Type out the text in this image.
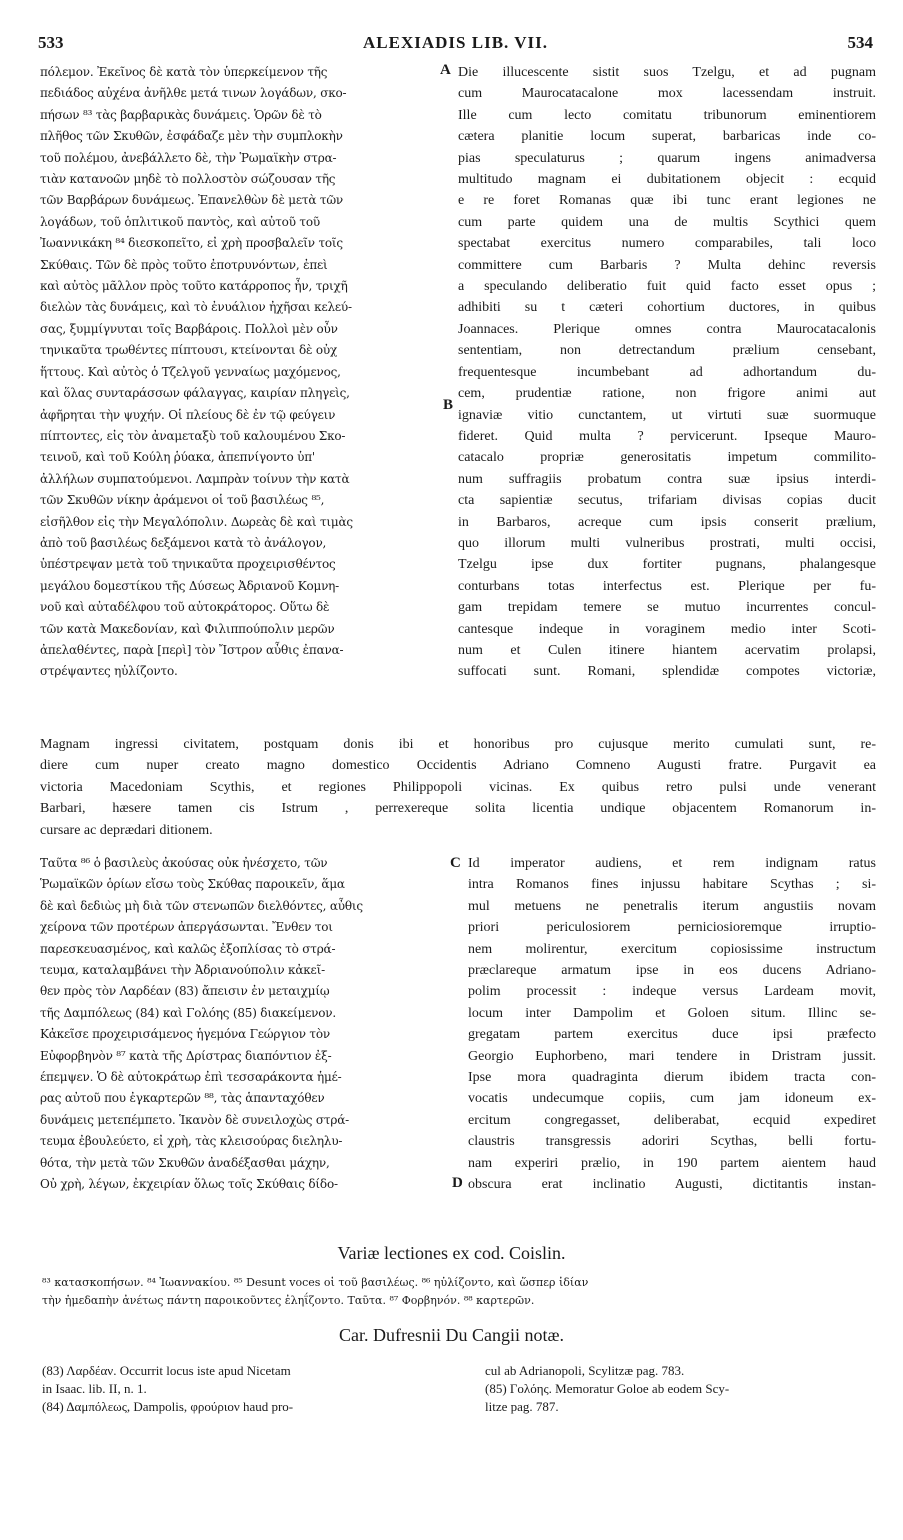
533	ALEXIADIS LIB. VII.	534
πόλεμον. Ἐκεῖνος δὲ κατὰ τὸν ὑπερκείμενον τῆς
πεδιάδος αὐχένα ἀνῆλθε μετά τινων λογάδων, σκο-
πήσων ⁸³ τὰς βαρβαρικὰς δυνάμεις. Ὁρῶν δὲ τὸ
πλῆθος τῶν Σκυθῶν, ἐσφάδαζε μὲν τὴν συμπλοκὴν
τοῦ πολέμου, ἀνεβάλλετο δὲ, τὴν Ῥωμαϊκὴν στρα-
τιὰν κατανοῶν μηδὲ τὸ πολλοστὸν σώζουσαν τῆς
τῶν Βαρβάρων δυνάμεως. Ἐπανελθὼν δὲ μετὰ τῶν
λογάδων, τοῦ ὁπλιτικοῦ παντὸς, καὶ αὐτοῦ τοῦ
Ἰωαννικάκη ⁸⁴ διεσκοπεῖτο, εἰ χρὴ προσβαλεῖν τοῖς
Σκύθαις. Τῶν δὲ πρὸς τοῦτο ἐποτρυνόντων, ἐπεὶ
καὶ αὐτὸς μᾶλλον πρὸς τοῦτο κατάρροπος ἦν, τριχῆ
διελὼν τὰς δυνάμεις, καὶ τὸ ἐνυάλιον ἠχῆσαι κελεύ-
σας, ξυμμίγνυται τοῖς Βαρβάροις. Πολλοὶ μὲν οὖν
τηνικαῦτα τρωθέντες πίπτουσι, κτείνονται δὲ οὐχ
ἥττους. Καὶ αὐτὸς ὁ Τζελγοῦ γενναίως μαχόμενος,
καὶ ὅλας συνταράσσων φάλαγγας, καιρίαν πληγεὶς,
ἀφῆρηται τὴν ψυχήν. Οἱ πλείους δὲ ἐν τῷ φεύγειν
πίπτοντες, εἰς τὸν ἀναμεταξὺ τοῦ καλουμένου Σκο-
τεινοῦ, καὶ τοῦ Κούλη ῥύακα, ἀπεπνίγοντο ὑπ'
ἀλλήλων συμπατούμενοι. Λαμπρὰν τοίνυν τὴν κατὰ
τῶν Σκυθῶν νίκην ἀράμενοι οἱ τοῦ βασιλέως ⁸⁵,
εἰσῆλθον εἰς τὴν Μεγαλόπολιν. Δωρεὰς δὲ καὶ τιμὰς
ἀπὸ τοῦ βασιλέως δεξάμενοι κατὰ τὸ ἀνάλογον,
ὑπέστρεψαν μετὰ τοῦ τηνικαῦτα προχειρισθέντος
μεγάλου δομεστίκου τῆς Δύσεως Ἀδριανοῦ Κομνη-
νοῦ καὶ αὐταδέλφου τοῦ αὐτοκράτορος. Οὕτω δὲ
τῶν κατὰ Μακεδονίαν, καὶ Φιλιππούπολιν μερῶν
ἀπελαθέντες, παρὰ [περὶ] τὸν Ἴστρον αὖθις ἐπανα-
στρέψαντες ηὐλίζοντο.
A
B
Die illucescente sistit suos Tzelgu, et ad pugnam
cum Maurocatacalone mox lacessendam instruit.
Ille cum lecto comitatu tribunorum eminentiorem
cætera planitie locum superat, barbaricas inde co-
pias speculaturus ; quarum ingens animadversa
multitudo magnam ei dubitationem objecit : ecquid
e re foret Romanas quæ ibi tunc erant legiones ne
cum parte quidem una de multis Scythici quem
spectabat exercitus numero comparabiles, tali loco
committere cum Barbaris ? Multa dehinc reversis
a speculando deliberatio fuit quid facto esset opus ;
adhibiti su t cæteri cohortium ductores, in quibus
Joannaces. Plerique omnes contra Maurocatacalonis
sententiam, non detrectandum prælium censebant,
frequentesque incumbebant ad adhortandum du-
cem, prudentiæ ratione, non frigore animi aut
ignaviæ vitio cunctantem, ut virtuti suæ suormuque
fideret. Quid multa ? pervicerunt. Ipseque Mauro-
catacalo propriæ generositatis impetum commilito-
num suffragiis probatum contra suæ ipsius interdi-
cta sapientiæ secutus, trifariam divisas copias ducit
in Barbaros, acreque cum ipsis conserit prælium,
quo illorum multi vulneribus prostrati, multi occisi,
Tzelgu ipse dux fortiter pugnans, phalangesque
conturbans totas interfectus est. Plerique per fu-
gam trepidam temere se mutuo incurrentes concul-
cantesque indeque in voraginem medio inter Scoti-
num et Culen itinere hiantem acervatim prolapsi,
suffocati sunt. Romani, splendidæ compotes victoriæ,
Magnam ingressi civitatem, postquam donis ibi et honoribus pro cujusque merito cumulati sunt, re-
diere cum nuper creato magno domestico Occidentis Adriano Comneno Augusti fratre. Purgavit ea
victoria Macedoniam Scythis, et regiones Philippopoli vicinas. Ex quibus retro pulsi unde venerant
Barbari, hæsere tamen cis Istrum , perrexereque solita licentia undique objacentem Romanorum in-
cursare ac deprædari ditionem.
Ταῦτα ⁸⁶ ὁ βασιλεὺς ἀκούσας οὐκ ἠνέσχετο, τῶν
Ῥωμαϊκῶν ὁρίων εἴσω τοὺς Σκύθας παροικεῖν, ἅμα
δὲ καὶ δεδιὼς μὴ διὰ τῶν στενωπῶν διελθόντες, αὖθις
χείρονα τῶν προτέρων ἀπεργάσωνται. Ἔνθεν τοι
παρεσκευασμένος, καὶ καλῶς ἐξοπλίσας τὸ στρά-
τευμα, καταλαμβάνει τὴν Ἀδριανούπολιν κἀκεῖ-
θεν πρὸς τὸν Λαρδέαν (83) ἄπεισιν ἐν μεταιχμίῳ
τῆς Δαμπόλεως (84) καὶ Γολόης (85) διακείμενον.
Κἀκεῖσε προχειρισάμενος ἡγεμόνα Γεώργιον τὸν
Εὐφορβηνὸν ⁸⁷ κατὰ τῆς Δρίστρας διαπόντιον ἐξ-
έπεμψεν. Ὁ δὲ αὐτοκράτωρ ἐπὶ τεσσαράκοντα ἡμέ-
ρας αὐτοῦ που ἐγκαρτερῶν ⁸⁸, τὰς ἁπανταχόθεν
δυνάμεις μετεπέμπετο. Ἱκανὸν δὲ συνειλοχὼς στρά-
τευμα ἐβουλεύετο, εἰ χρὴ, τὰς κλεισούρας διεληλυ-
θότα, τὴν μετὰ τῶν Σκυθῶν ἀναδέξασθαι μάχην,
Οὐ χρὴ, λέγων, ἐκχειρίαν ὅλως τοῖς Σκύθαις δίδο-
C
D
Id imperator audiens, et rem indignam ratus
intra Romanos fines injussu habitare Scythas ; si-
mul metuens ne penetralis iterum angustiis novam
priori periculosiorem perniciosioremque irruptio-
nem molirentur, exercitum copiosissime instructum
præclareque armatum ipse in eos ducens Adriano-
polim processit : indeque versus Lardeam movit,
locum inter Dampolim et Goloen situm. Illinc se-
gregatam partem exercitus duce ipsi præfecto
Georgio Euphorbeno, mari tendere in Dristram jussit.
Ipse mora quadraginta dierum ibidem tracta con-
vocatis undecumque copiis, cum jam idoneum ex-
ercitum congregasset, deliberabat, ecquid expediret
claustris transgressis adoriri Scythas, belli fortu-
nam experiri prælio, in 190 partem aientem haud
obscura erat inclinatio Augusti, dictitantis instan-
Variæ lectiones ex cod. Coislin.
⁸³ κατασκοπήσων. ⁸⁴ Ἰωαννακίου. ⁸⁵ Desunt voces οἱ τοῦ βασιλέως. ⁸⁶ ηὐλίζοντο, καὶ ὥσπερ ἰδίαν
τὴν ἡμεδαπὴν ἀνέτως πάντη παροικοῦντες ἐληΐζοντο. Ταῦτα. ⁸⁷ Φορβηνόν. ⁸⁸ καρτερῶν.
Car. Dufresnii Du Cangii notæ.
(83) Λαρδέαν. Occurrit locus iste apud Nicetam
in Isaac. lib. II, n. 1.
(84) Δαμπόλεως, Dampolis, φρούριον haud pro-
cul ab Adrianopoli, Scylitzæ pag. 783.
(85) Γολόης. Memoratur Goloe ab eodem Scy-
litze pag. 787.
